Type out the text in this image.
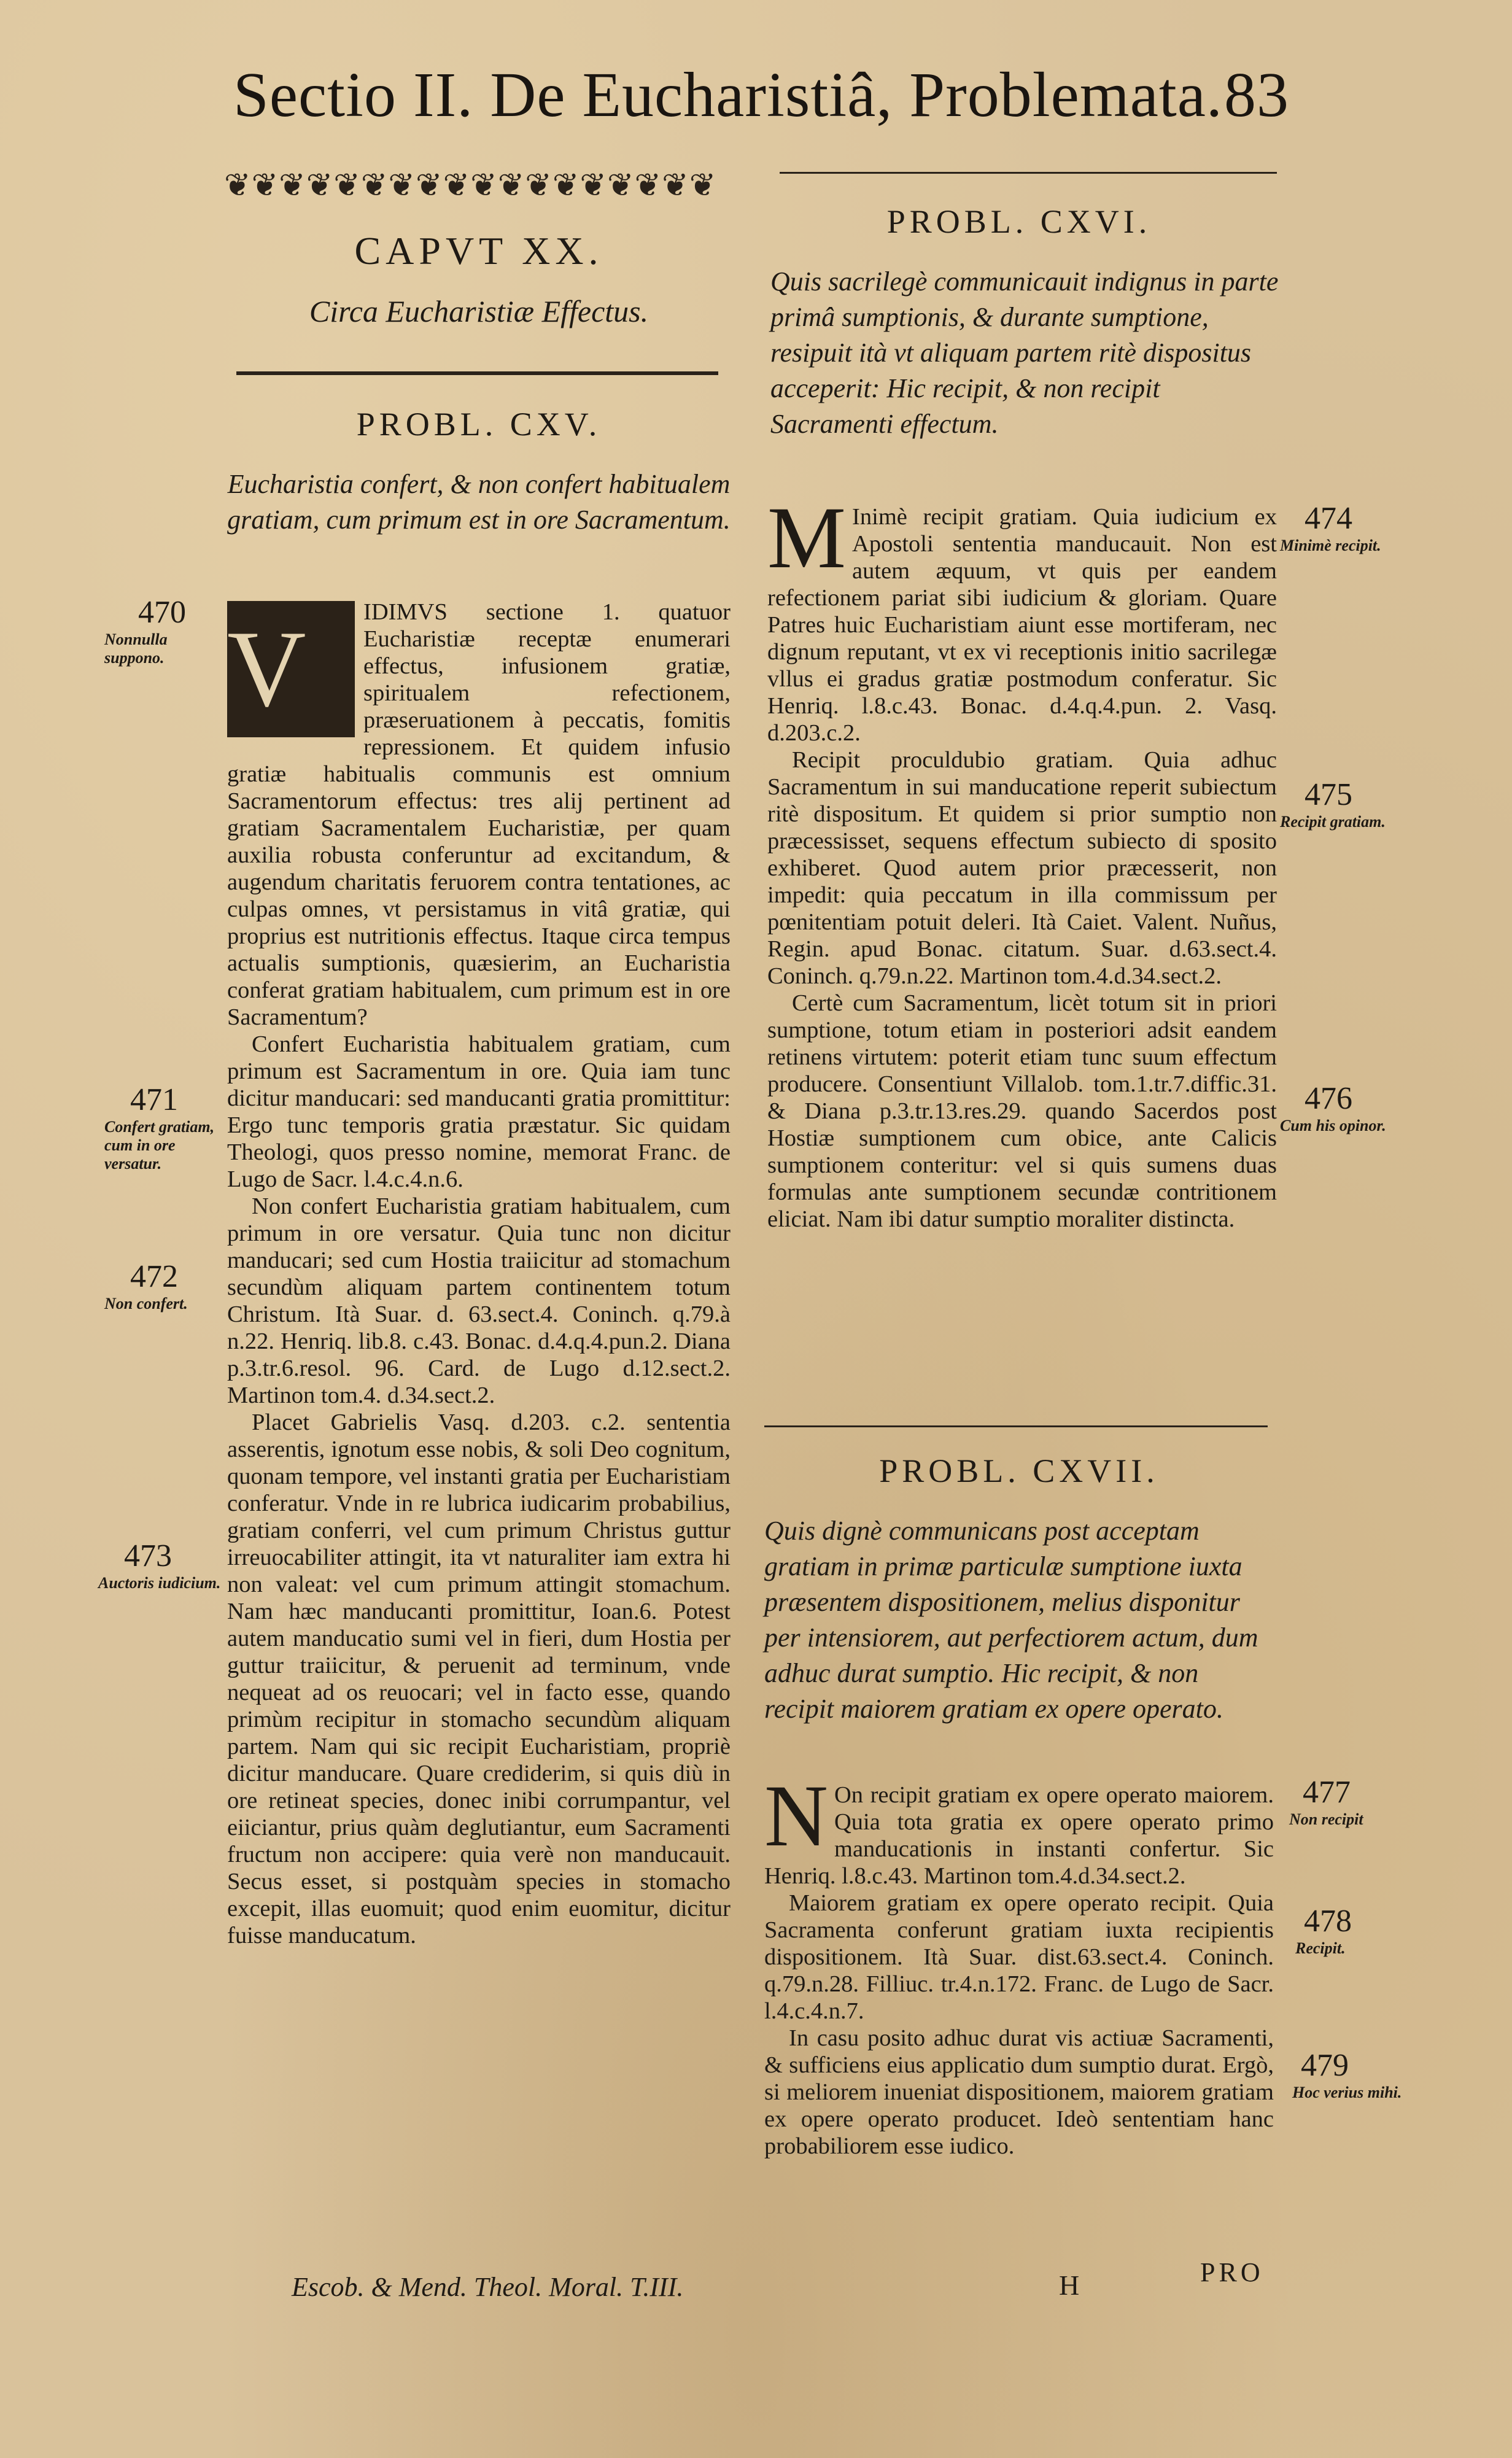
Sectio II. De Eucharistiâ, Problemata. 83
❦❦❦❦❦❦❦❦❦❦❦❦❦❦❦❦❦❦
CAPVT XX.
Circa Eucharistiæ Effectus.
PROBL. CXV.
Eucharistia confert, & non confert habitualem gratiam, cum primum est in ore Sacramentum.

V	IDIMVS sectione 1. quatuor Eucharistiæ receptæ enumerari effectus, infusionem gratiæ, spiritualem refectionem, præseruationem à peccatis, fomitis repressionem. Et quidem infusio gratiæ habitualis communis est omnium Sacramentorum effectus: tres alij pertinent ad gratiam Sacramentalem Eucharistiæ, per quam auxilia robusta conferuntur ad excitandum, & augendum charitatis feruorem contra tentationes, ac culpas omnes, vt persistamus in vitâ gratiæ, qui proprius est nutritionis effectus. Itaque circa tempus actualis sumptionis, quæsierim, an Eucharistia conferat gratiam habitualem, cum primum est in ore Sacramentum?

Confert Eucharistia habitualem gratiam, cum primum est Sacramentum in ore. Quia iam tunc dicitur manducari: sed manducanti gratia promittitur: Ergo tunc temporis gratia præstatur. Sic quidam Theologi, quos presso nomine, memorat Franc. de Lugo de Sacr. l.4.c.4.n.6.

Non confert Eucharistia gratiam habitualem, cum primum in ore versatur. Quia tunc non dicitur manducari; sed cum Hostia traiicitur ad stomachum secundùm aliquam partem continentem totum Christum. Ità Suar. d. 63.sect.4. Coninch. q.79.à n.22. Henriq. lib.8. c.43. Bonac. d.4.q.4.pun.2. Diana p.3.tr.6.resol. 96. Card. de Lugo d.12.sect.2. Martinon tom.4. d.34.sect.2.

Placet Gabrielis Vasq. d.203. c.2. sententia asserentis, ignotum esse nobis, & soli Deo cognitum, quonam tempore, vel instanti gratia per Eucharistiam conferatur. Vnde in re lubrica iudicarim probabilius, gratiam conferri, vel cum primum Christus guttur irreuocabiliter attingit, ita vt naturaliter iam extra hi non valeat: vel cum primum attingit stomachum. Nam hæc manducanti promittitur, Ioan.6. Potest autem manducatio sumi vel in fieri, dum Hostia per guttur traiicitur, & peruenit ad terminum, vnde nequeat ad os reuocari; vel in facto esse, quando primùm recipitur in stomacho secundùm aliquam partem. Nam qui sic recipit Eucharistiam, propriè dicitur manducare. Quare crediderim, si quis diù in ore retineat species, donec inibi corrumpantur, vel eiiciantur, prius quàm deglutiantur, eum Sacramenti fructum non accipere: quia verè non manducauit. Secus esset, si postquàm species in stomacho excepit, illas euomuit; quod enim euomitur, dicitur fuisse manducatum.

470
Nonnulla suppono.
471
Confert gratiam, cum in ore versatur.
472
Non confert.
473
Auctoris iudicium.
PROBL. CXVI.
Quis sacrilegè communicauit indignus in parte primâ sumptionis, & durante sumptione, resipuit ità vt aliquam partem ritè dispositus acceperit: Hic recipit, & non recipit Sacramenti effectum.

M Inimè recipit gratiam. Quia iudicium ex Apostoli sententia manducauit. Non est autem æquum, vt quis per eandem refectionem pariat sibi iudicium & gloriam. Quare Patres huic Eucharistiam aiunt esse mortiferam, nec dignum reputant, vt ex vi receptionis initio sacrilegæ vllus ei gradus gratiæ postmodum conferatur. Sic Henriq. l.8.c.43. Bonac. d.4.q.4.pun. 2. Vasq. d.203.c.2.

Recipit proculdubio gratiam. Quia adhuc Sacramentum in sui manducatione reperit subiectum ritè dispositum. Et quidem si prior sumptio non præcessisset, sequens effectum subiecto di sposito exhiberet. Quod autem prior præcesserit, non impedit: quia peccatum in illa commissum per pœnitentiam potuit deleri. Ità Caiet. Valent. Nuñus, Regin. apud Bonac. citatum. Suar. d.63.sect.4. Coninch. q.79.n.22. Martinon tom.4.d.34.sect.2.

Certè cum Sacramentum, licèt totum sit in priori sumptione, totum etiam in posteriori adsit eandem retinens virtutem: poterit etiam tunc suum effectum producere. Consentiunt Villalob. tom.1.tr.7.diffic.31. & Diana p.3.tr.13.res.29. quando Sacerdos post Hostiæ sumptionem cum obice, ante Calicis sumptionem conteritur: vel si quis sumens duas formulas ante sumptionem secundæ contritionem eliciat. Nam ibi datur sumptio moraliter distincta.

PROBL. CXVII.
Quis dignè communicans post acceptam gratiam in primæ particulæ sumptione iuxta præsentem dispositionem, melius disponitur per intensiorem, aut perfectiorem actum, dum adhuc durat sumptio. Hic recipit, & non recipit maiorem gratiam ex opere operato.

N On recipit gratiam ex opere operato maiorem. Quia tota gratia ex opere operato primo manducationis in instanti confertur. Sic Henriq. l.8.c.43. Martinon tom.4.d.34.sect.2.

Maiorem gratiam ex opere operato recipit. Quia Sacramenta conferunt gratiam iuxta recipientis dispositionem. Ità Suar. dist.63.sect.4. Coninch. q.79.n.28. Filliuc. tr.4.n.172. Franc. de Lugo de Sacr. l.4.c.4.n.7.

In casu posito adhuc durat vis actiuæ Sacramenti, & sufficiens eius applicatio dum sumptio durat. Ergò, si meliorem inueniat dispositionem, maiorem gratiam ex opere operato producet. Ideò sententiam hanc probabiliorem esse iudico.

474
Minimè recipit.
475
Recipit gratiam.
476
Cum his opinor.
477
Non recipit
478
Recipit.
479
Hoc verius mihi.
Escob. & Mend. Theol. Moral. T.III.	H	PRO
